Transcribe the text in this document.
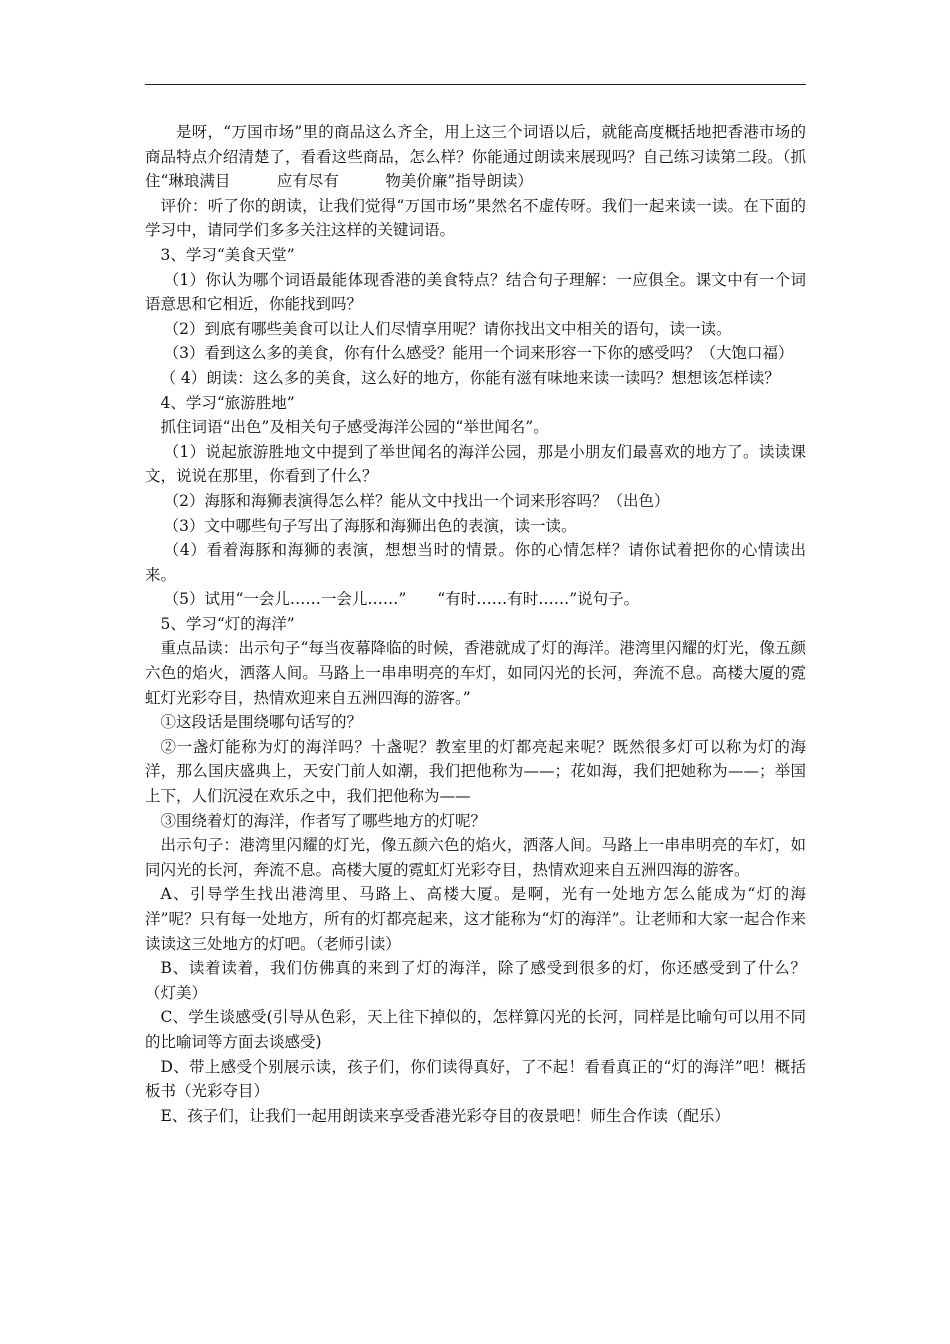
是呀，“万国市场”里的商品这么齐全，用上这三个词语以后，就能高度概括地把香港市场的商品特点介绍清楚了，看看这些商品，怎么样？你能通过朗读来展现吗？自己练习读第二段。（抓住“琳琅满目　　　应有尽有　　　物美价廉”指导朗读）

评价：听了你的朗读，让我们觉得“万国市场”果然名不虚传呀。我们一起来读一读。在下面的学习中，请同学们多多关注这样的关键词语。

3、学习“美食天堂”

（1）你认为哪个词语最能体现香港的美食特点？结合句子理解：一应俱全。课文中有一个词语意思和它相近，你能找到吗？

（2）到底有哪些美食可以让人们尽情享用呢？请你找出文中相关的语句，读一读。

（3）看到这么多的美食，你有什么感受？能用一个词来形容一下你的感受吗？（大饱口福）

（ 4）朗读：这么多的美食，这么好的地方，你能有滋有味地来读一读吗？想想该怎样读？

4、学习“旅游胜地”

抓住词语“出色”及相关句子感受海洋公园的“举世闻名”。

（1）说起旅游胜地文中提到了举世闻名的海洋公园，那是小朋友们最喜欢的地方了。读读课文，说说在那里，你看到了什么？

（2）海豚和海狮表演得怎么样？能从文中找出一个词来形容吗？（出色）

（3）文中哪些句子写出了海豚和海狮出色的表演，读一读。

（4）看着海豚和海狮的表演，想想当时的情景。你的心情怎样？请你试着把你的心情读出来。

（5）试用“一会儿……一会儿……”　　“有时……有时……”说句子。

5、学习“灯的海洋”

重点品读：出示句子“每当夜幕降临的时候，香港就成了灯的海洋。港湾里闪耀的灯光，像五颜六色的焰火，洒落人间。马路上一串串明亮的车灯，如同闪光的长河，奔流不息。高楼大厦的霓虹灯光彩夺目，热情欢迎来自五洲四海的游客。”

①这段话是围绕哪句话写的？

②一盏灯能称为灯的海洋吗？十盏呢？教室里的灯都亮起来呢？既然很多灯可以称为灯的海洋，那么国庆盛典上，天安门前人如潮，我们把他称为——；花如海，我们把她称为——；举国上下，人们沉浸在欢乐之中，我们把他称为——

③围绕着灯的海洋，作者写了哪些地方的灯呢？

出示句子：港湾里闪耀的灯光，像五颜六色的焰火，洒落人间。马路上一串串明亮的车灯，如同闪光的长河，奔流不息。高楼大厦的霓虹灯光彩夺目，热情欢迎来自五洲四海的游客。

A、引导学生找出港湾里、马路上、高楼大厦。是啊，光有一处地方怎么能成为“灯的海洋”呢？只有每一处地方，所有的灯都亮起来，这才能称为“灯的海洋”。让老师和大家一起合作来读读这三处地方的灯吧。（老师引读）

B、读着读着，我们仿佛真的来到了灯的海洋，除了感受到很多的灯，你还感受到了什么？（灯美）

C、学生谈感受(引导从色彩，天上往下掉似的，怎样算闪光的长河，同样是比喻句可以用不同的比喻词等方面去谈感受)

D、带上感受个别展示读，孩子们，你们读得真好，了不起！看看真正的“灯的海洋”吧！概括板书（光彩夺目）

E、孩子们，让我们一起用朗读来享受香港光彩夺目的夜景吧！师生合作读（配乐）
